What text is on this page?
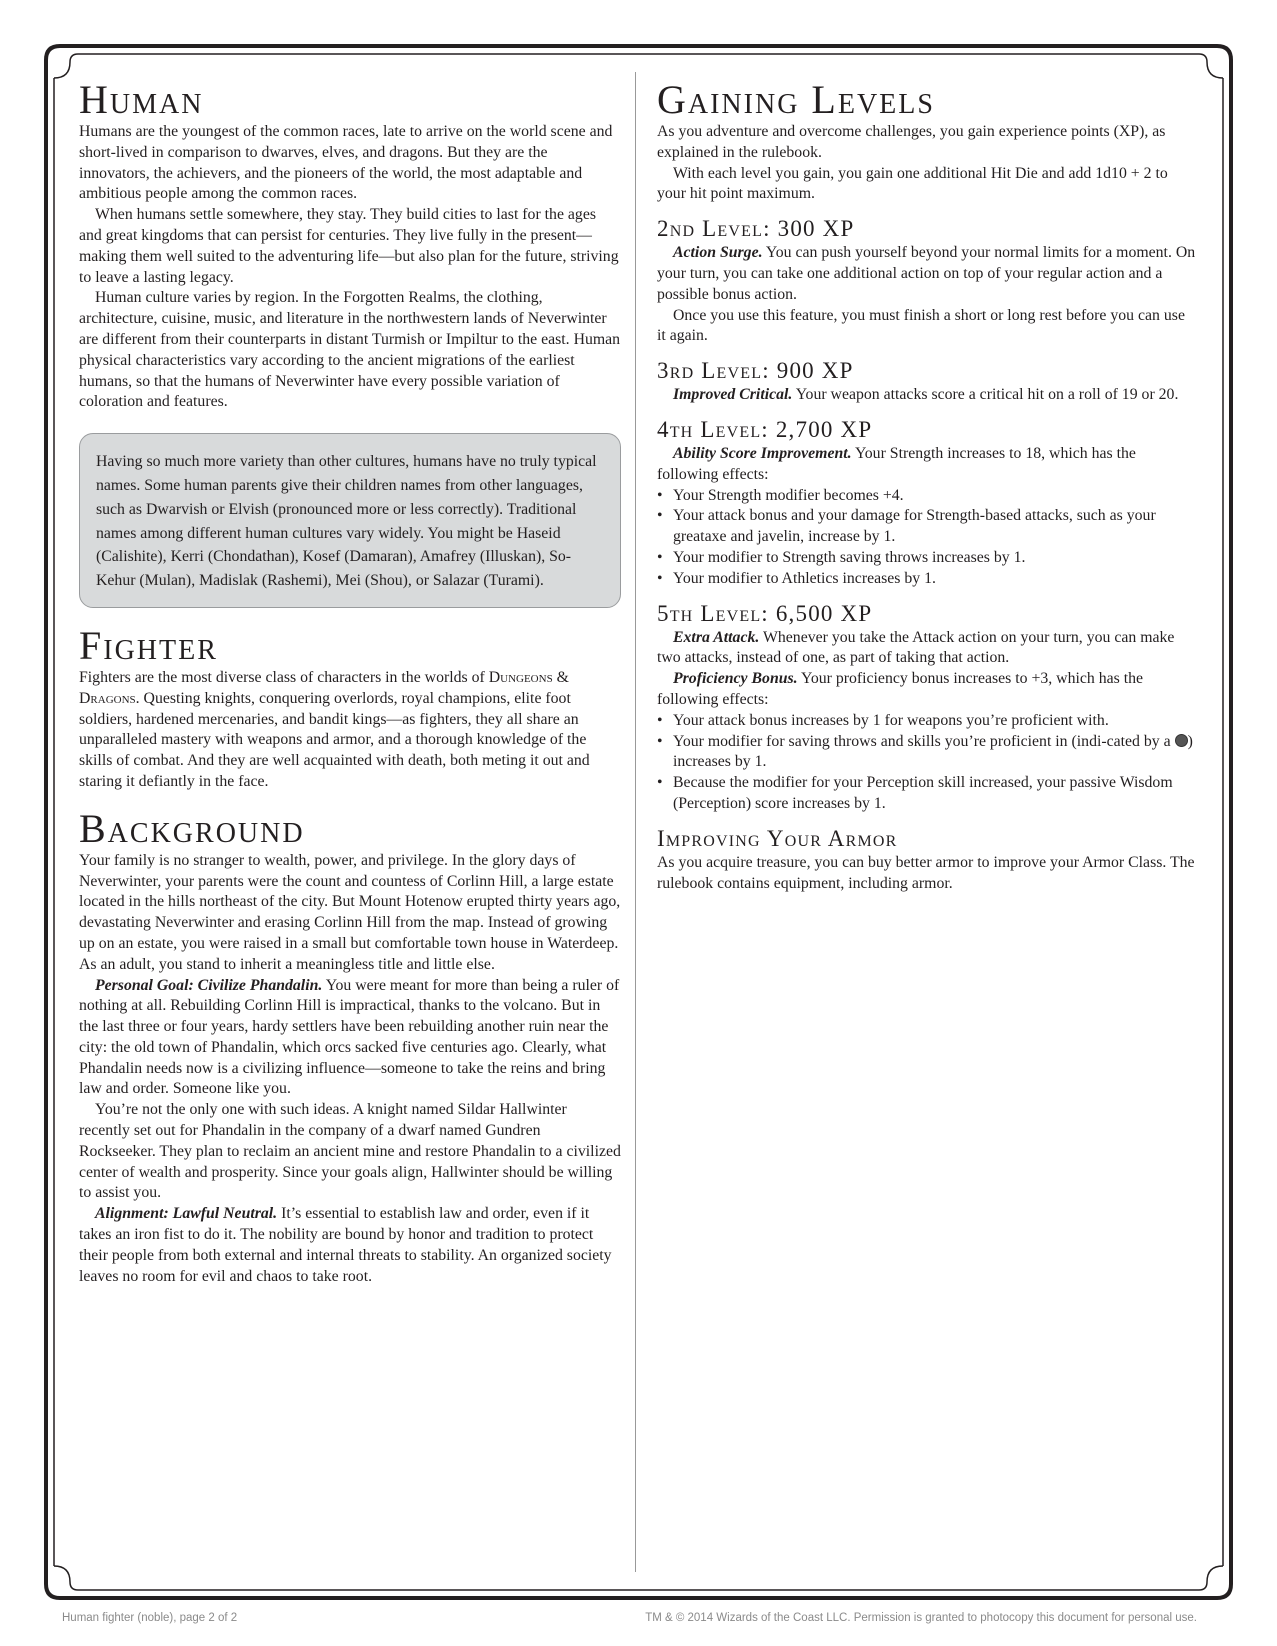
Human

Humans are the youngest of the common races, late to arrive on the world scene and short-lived in comparison to dwarves, elves, and dragons. But they are the innovators, the achievers, and the pioneers of the world, the most adaptable and ambitious people among the common races.

When humans settle somewhere, they stay. They build cities to last for the ages and great kingdoms that can persist for centuries. They live fully in the present—making them well suited to the adventuring life—but also plan for the future, striving to leave a lasting legacy.

Human culture varies by region. In the Forgotten Realms, the clothing, architecture, cuisine, music, and literature in the northwestern lands of Neverwinter are different from their counterparts in distant Turmish or Impiltur to the east. Human physical characteristics vary according to the ancient migrations of the earliest humans, so that the humans of Neverwinter have every possible variation of coloration and features.

Having so much more variety than other cultures, humans have no truly typical names. Some human parents give their children names from other languages, such as Dwarvish or Elvish (pronounced more or less correctly). Traditional names among different human cultures vary widely. You might be Haseid (Calishite), Kerri (Chondathan), Kosef (Damaran), Amafrey (Illuskan), So-Kehur (Mulan), Madislak (Rashemi), Mei (Shou), or Salazar (Turami).

Fighter

Fighters are the most diverse class of characters in the worlds of Dungeons & Dragons. Questing knights, conquering overlords, royal champions, elite foot soldiers, hardened mercenaries, and bandit kings—as fighters, they all share an unparalleled mastery with weapons and armor, and a thorough knowledge of the skills of combat. And they are well acquainted with death, both meting it out and staring it defiantly in the face.

Background

Your family is no stranger to wealth, power, and privilege. In the glory days of Neverwinter, your parents were the count and countess of Corlinn Hill, a large estate located in the hills northeast of the city. But Mount Hotenow erupted thirty years ago, devastating Neverwinter and erasing Corlinn Hill from the map. Instead of growing up on an estate, you were raised in a small but comfortable town house in Waterdeep. As an adult, you stand to inherit a meaningless title and little else.

Personal Goal: Civilize Phandalin. You were meant for more than being a ruler of nothing at all. Rebuilding Corlinn Hill is impractical, thanks to the volcano. But in the last three or four years, hardy settlers have been rebuilding another ruin near the city: the old town of Phandalin, which orcs sacked five centuries ago. Clearly, what Phandalin needs now is a civilizing influence—someone to take the reins and bring law and order. Someone like you.

You’re not the only one with such ideas. A knight named Sildar Hallwinter recently set out for Phandalin in the company of a dwarf named Gundren Rockseeker. They plan to reclaim an ancient mine and restore Phandalin to a civilized center of wealth and prosperity. Since your goals align, Hallwinter should be willing to assist you.

Alignment: Lawful Neutral. It’s essential to establish law and order, even if it takes an iron fist to do it. The nobility are bound by honor and tradition to protect their people from both external and internal threats to stability. An organized society leaves no room for evil and chaos to take root.

Gaining Levels

As you adventure and overcome challenges, you gain experience points (XP), as explained in the rulebook.

With each level you gain, you gain one additional Hit Die and add 1d10 + 2 to your hit point maximum.

2nd Level: 300 XP

Action Surge. You can push yourself beyond your normal limits for a moment. On your turn, you can take one additional action on top of your regular action and a possible bonus action.

Once you use this feature, you must finish a short or long rest before you can use it again.

3rd Level: 900 XP

Improved Critical. Your weapon attacks score a critical hit on a roll of 19 or 20.

4th Level: 2,700 XP

Ability Score Improvement. Your Strength increases to 18, which has the following effects:

• Your Strength modifier becomes +4.
• Your attack bonus and your damage for Strength-based attacks, such as your greataxe and javelin, increase by 1.
• Your modifier to Strength saving throws increases by 1.
• Your modifier to Athletics increases by 1.
5th Level: 6,500 XP

Extra Attack. Whenever you take the Attack action on your turn, you can make two attacks, instead of one, as part of taking that action.

Proficiency Bonus. Your proficiency bonus increases to +3, which has the following effects:

• Your attack bonus increases by 1 for weapons you’re proficient with.
• Your modifier for saving throws and skills you’re proficient in (indi-cated by a ) increases by 1.
• Because the modifier for your Perception skill increased, your passive Wisdom (Perception) score increases by 1.
Improving Your Armor

As you acquire treasure, you can buy better armor to improve your Armor Class. The rulebook contains equipment, including armor.

Human fighter (noble), page 2 of 2	TM & © 2014 Wizards of the Coast LLC. Permission is granted to photocopy this document for personal use.
